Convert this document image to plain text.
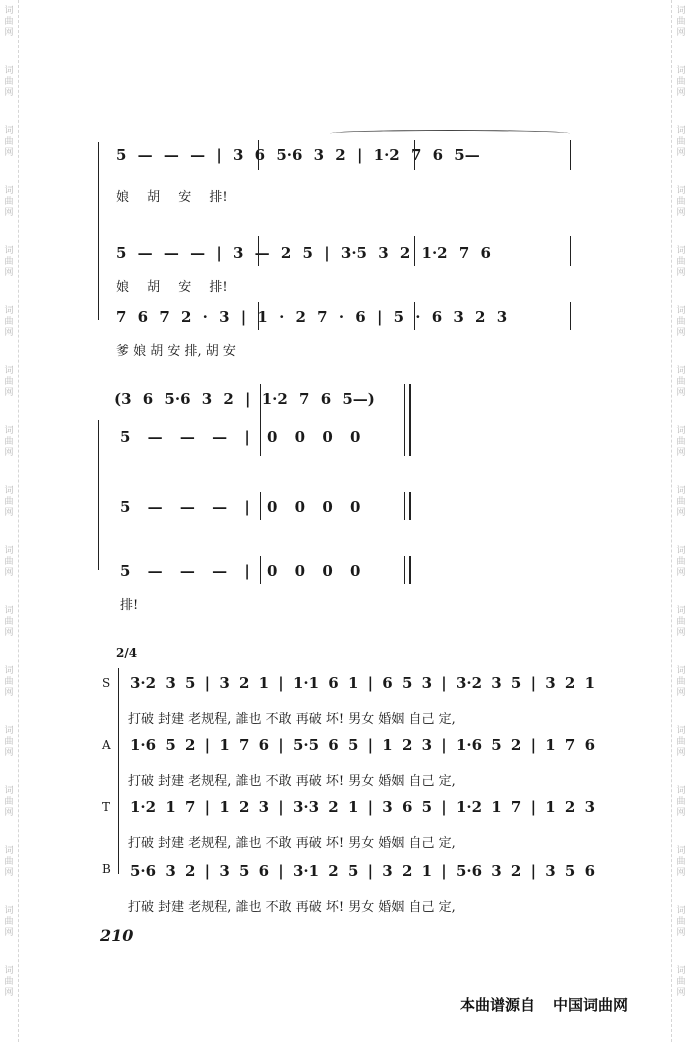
词
曲
网
词
曲
网
词
曲
网
词
曲
网
词
曲
网
词
曲
网
词
曲
网
词
曲
网
词
曲
网
词
曲
网
词
曲
网
词
曲
网
词
曲
网
词
曲
网
词
曲
网
词
曲
网
词
曲
网
词
曲
网
词
曲
网
词
曲
网
词
曲
网
词
曲
网
词
曲
网
词
曲
网
词
曲
网
词
曲
网
词
曲
网
词
曲
网
词
曲
网
词
曲
网
词
曲
网
词
曲
网
词
曲
网
词
曲
网
5 — — — | 3 6 5·6 3 2 | 1·2 7 6 5—
娘 胡 安 排!
5 — — — | 3 — 2 5 | 3·5 3 2 1·2 7 6
娘 胡 安 排!
7 6 7 2 · 3 | 1 · 2 7 · 6 | 5 · 6 3 2 3
爹 娘 胡 安 排, 胡 安
(3 6 5·6 3 2 | 1·2 7 6 5—)
5 — — — | 0 0 0 0
5 — — — | 0 0 0 0
5 — — — | 0 0 0 0
排!
2/4
S
A
T
B
3·2 3 5 | 3 2 1 | 1·1 6 1 | 6 5 3 | 3·2 3 5 | 3 2 1
打破 封建 老规程, 誰也 不敢 再破 坏! 男女 婚姻 自己 定,
1·6 5 2 | 1 7 6 | 5·5 6 5 | 1 2 3 | 1·6 5 2 | 1 7 6
打破 封建 老规程, 誰也 不敢 再破 坏! 男女 婚姻 自己 定,
1·2 1 7 | 1 2 3 | 3·3 2 1 | 3 6 5 | 1·2 1 7 | 1 2 3
打破 封建 老规程, 誰也 不敢 再破 坏! 男女 婚姻 自己 定,
5·6 3 2 | 3 5 6 | 3·1 2 5 | 3 2 1 | 5·6 3 2 | 3 5 6
打破 封建 老规程, 誰也 不敢 再破 坏! 男女 婚姻 自己 定,
210
本曲谱源自 中国词曲网
